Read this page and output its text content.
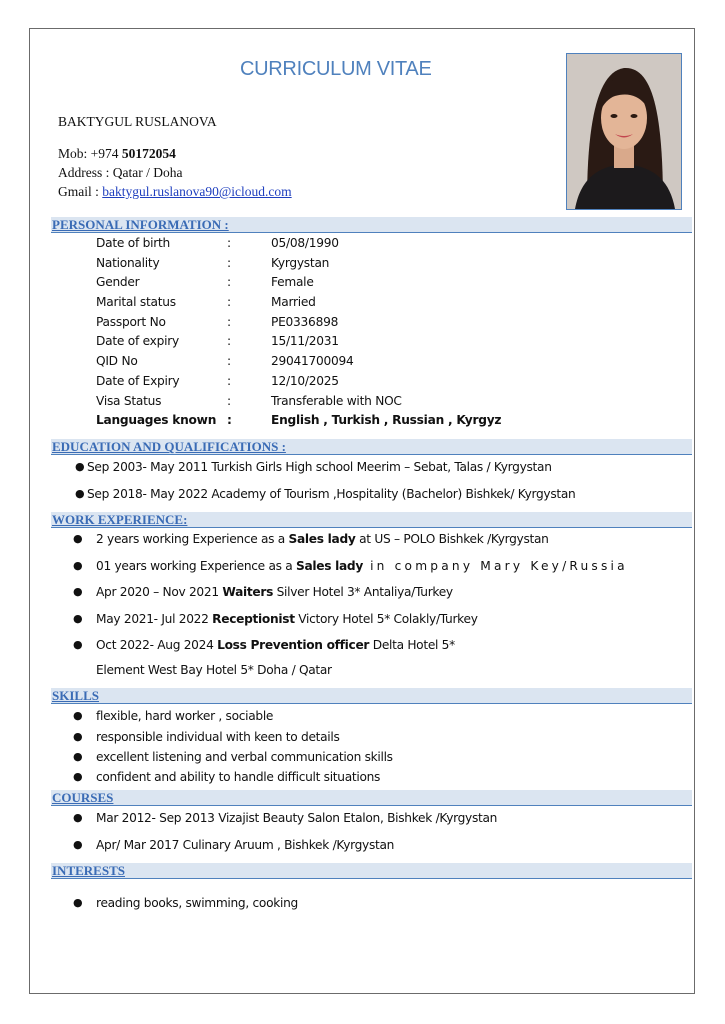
CURRICULUM VITAE
BAKTYGUL RUSLANOVA
Mob: +974 50172054
Address : Qatar / Doha
Gmail : baktygul.ruslanova90@icloud.com
PERSONAL INFORMATION :
Date of birth	:	05/08/1990
Nationality	:	Kyrgystan
Gender	:	Female
Marital status	:	Married
Passport No	:	PE0336898
Date of expiry	:	15/11/2031
QID No	:	29041700094
Date of Expiry	:	12/10/2025
Visa Status	:	Transferable with NOC
Languages known :	English , Turkish , Russian , Kyrgyz
EDUCATION AND QUALIFICATIONS :
● Sep 2003- May 2011 Turkish Girls High school Meerim – Sebat, Talas / Kyrgystan
● Sep 2018- May 2022 Academy of Tourism ,Hospitality (Bachelor) Bishkek/ Kyrgystan
WORK EXPERIENCE:
● 2 years working Experience as a Sales lady at US – POLO Bishkek /Kyrgystan
● 01 years working Experience as a Sales lady in company Mary Key/Russia
● Apr 2020 – Nov 2021 Waiters Silver Hotel 3* Antaliya/Turkey
● May 2021- Jul 2022 Receptionist Victory Hotel 5* Colakly/Turkey
● Oct 2022- Aug 2024 Loss Prevention officer Delta Hotel 5*
Element West Bay Hotel 5* Doha / Qatar
SKILLS
● flexible, hard worker , sociable
● responsible individual with keen to details
● excellent listening and verbal communication skills
● confident and ability to handle difficult situations
COURSES
● Mar 2012- Sep 2013 Vizajist Beauty Salon Etalon, Bishkek /Kyrgystan
● Apr/ Mar 2017 Culinary Aruum , Bishkek /Kyrgystan
INTERESTS
● reading books, swimming, cooking
